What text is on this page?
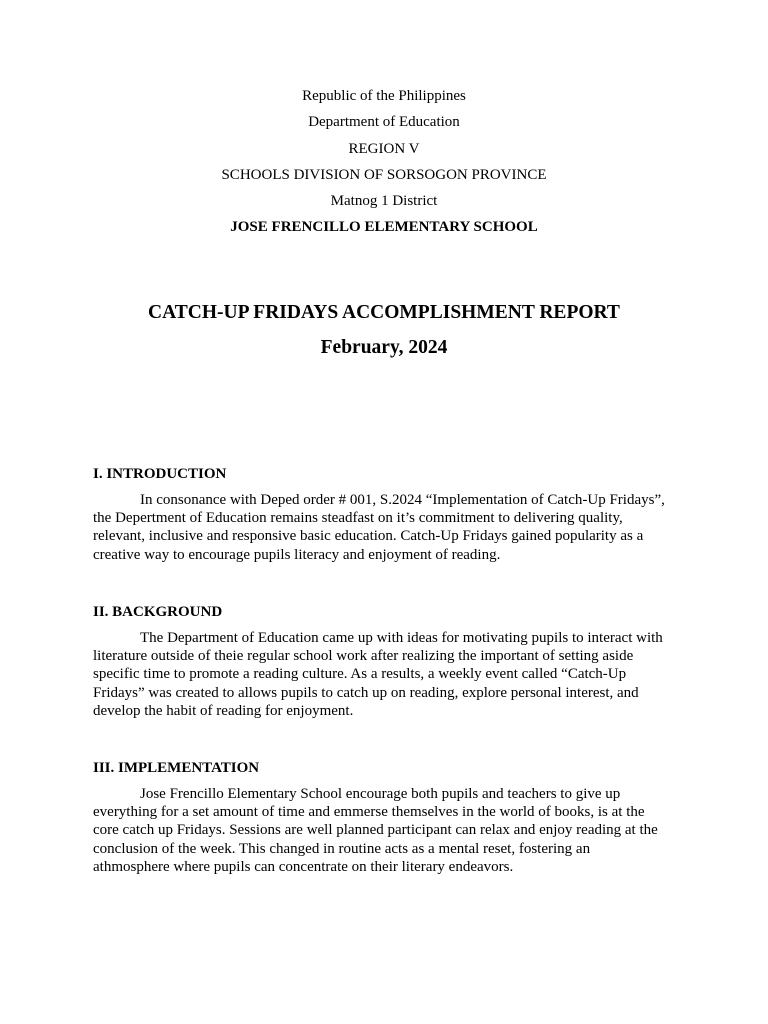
Republic of the Philippines
Department of Education
REGION V
SCHOOLS DIVISION OF SORSOGON PROVINCE
Matnog 1 District
JOSE FRENCILLO ELEMENTARY SCHOOL
CATCH-UP FRIDAYS ACCOMPLISHMENT REPORT
February, 2024
I. INTRODUCTION

In consonance with Deped order # 001, S.2024 “Implementation of Catch-Up Fridays”, the Depertment of Education remains steadfast on it’s commitment to delivering quality, relevant, inclusive and responsive basic education. Catch-Up Fridays gained popularity as a creative way to encourage pupils literacy and enjoyment of reading.

II. BACKGROUND

The Department of Education came up with ideas for motivating pupils to interact with literature outside of theie regular school work after realizing the important of setting aside specific time to promote a reading culture. As a results, a weekly event called “Catch-Up Fridays” was created to allows pupils to catch up on reading, explore personal interest, and develop the habit of reading for enjoyment.

III. IMPLEMENTATION

Jose Frencillo Elementary School encourage both pupils and teachers to give up everything for a set amount of time and emmerse themselves in the world of books, is at the core catch up Fridays. Sessions are well planned participant can relax and enjoy reading at the conclusion of the week. This changed in routine acts as a mental reset, fostering an athmosphere where pupils can concentrate on their literary endeavors.
